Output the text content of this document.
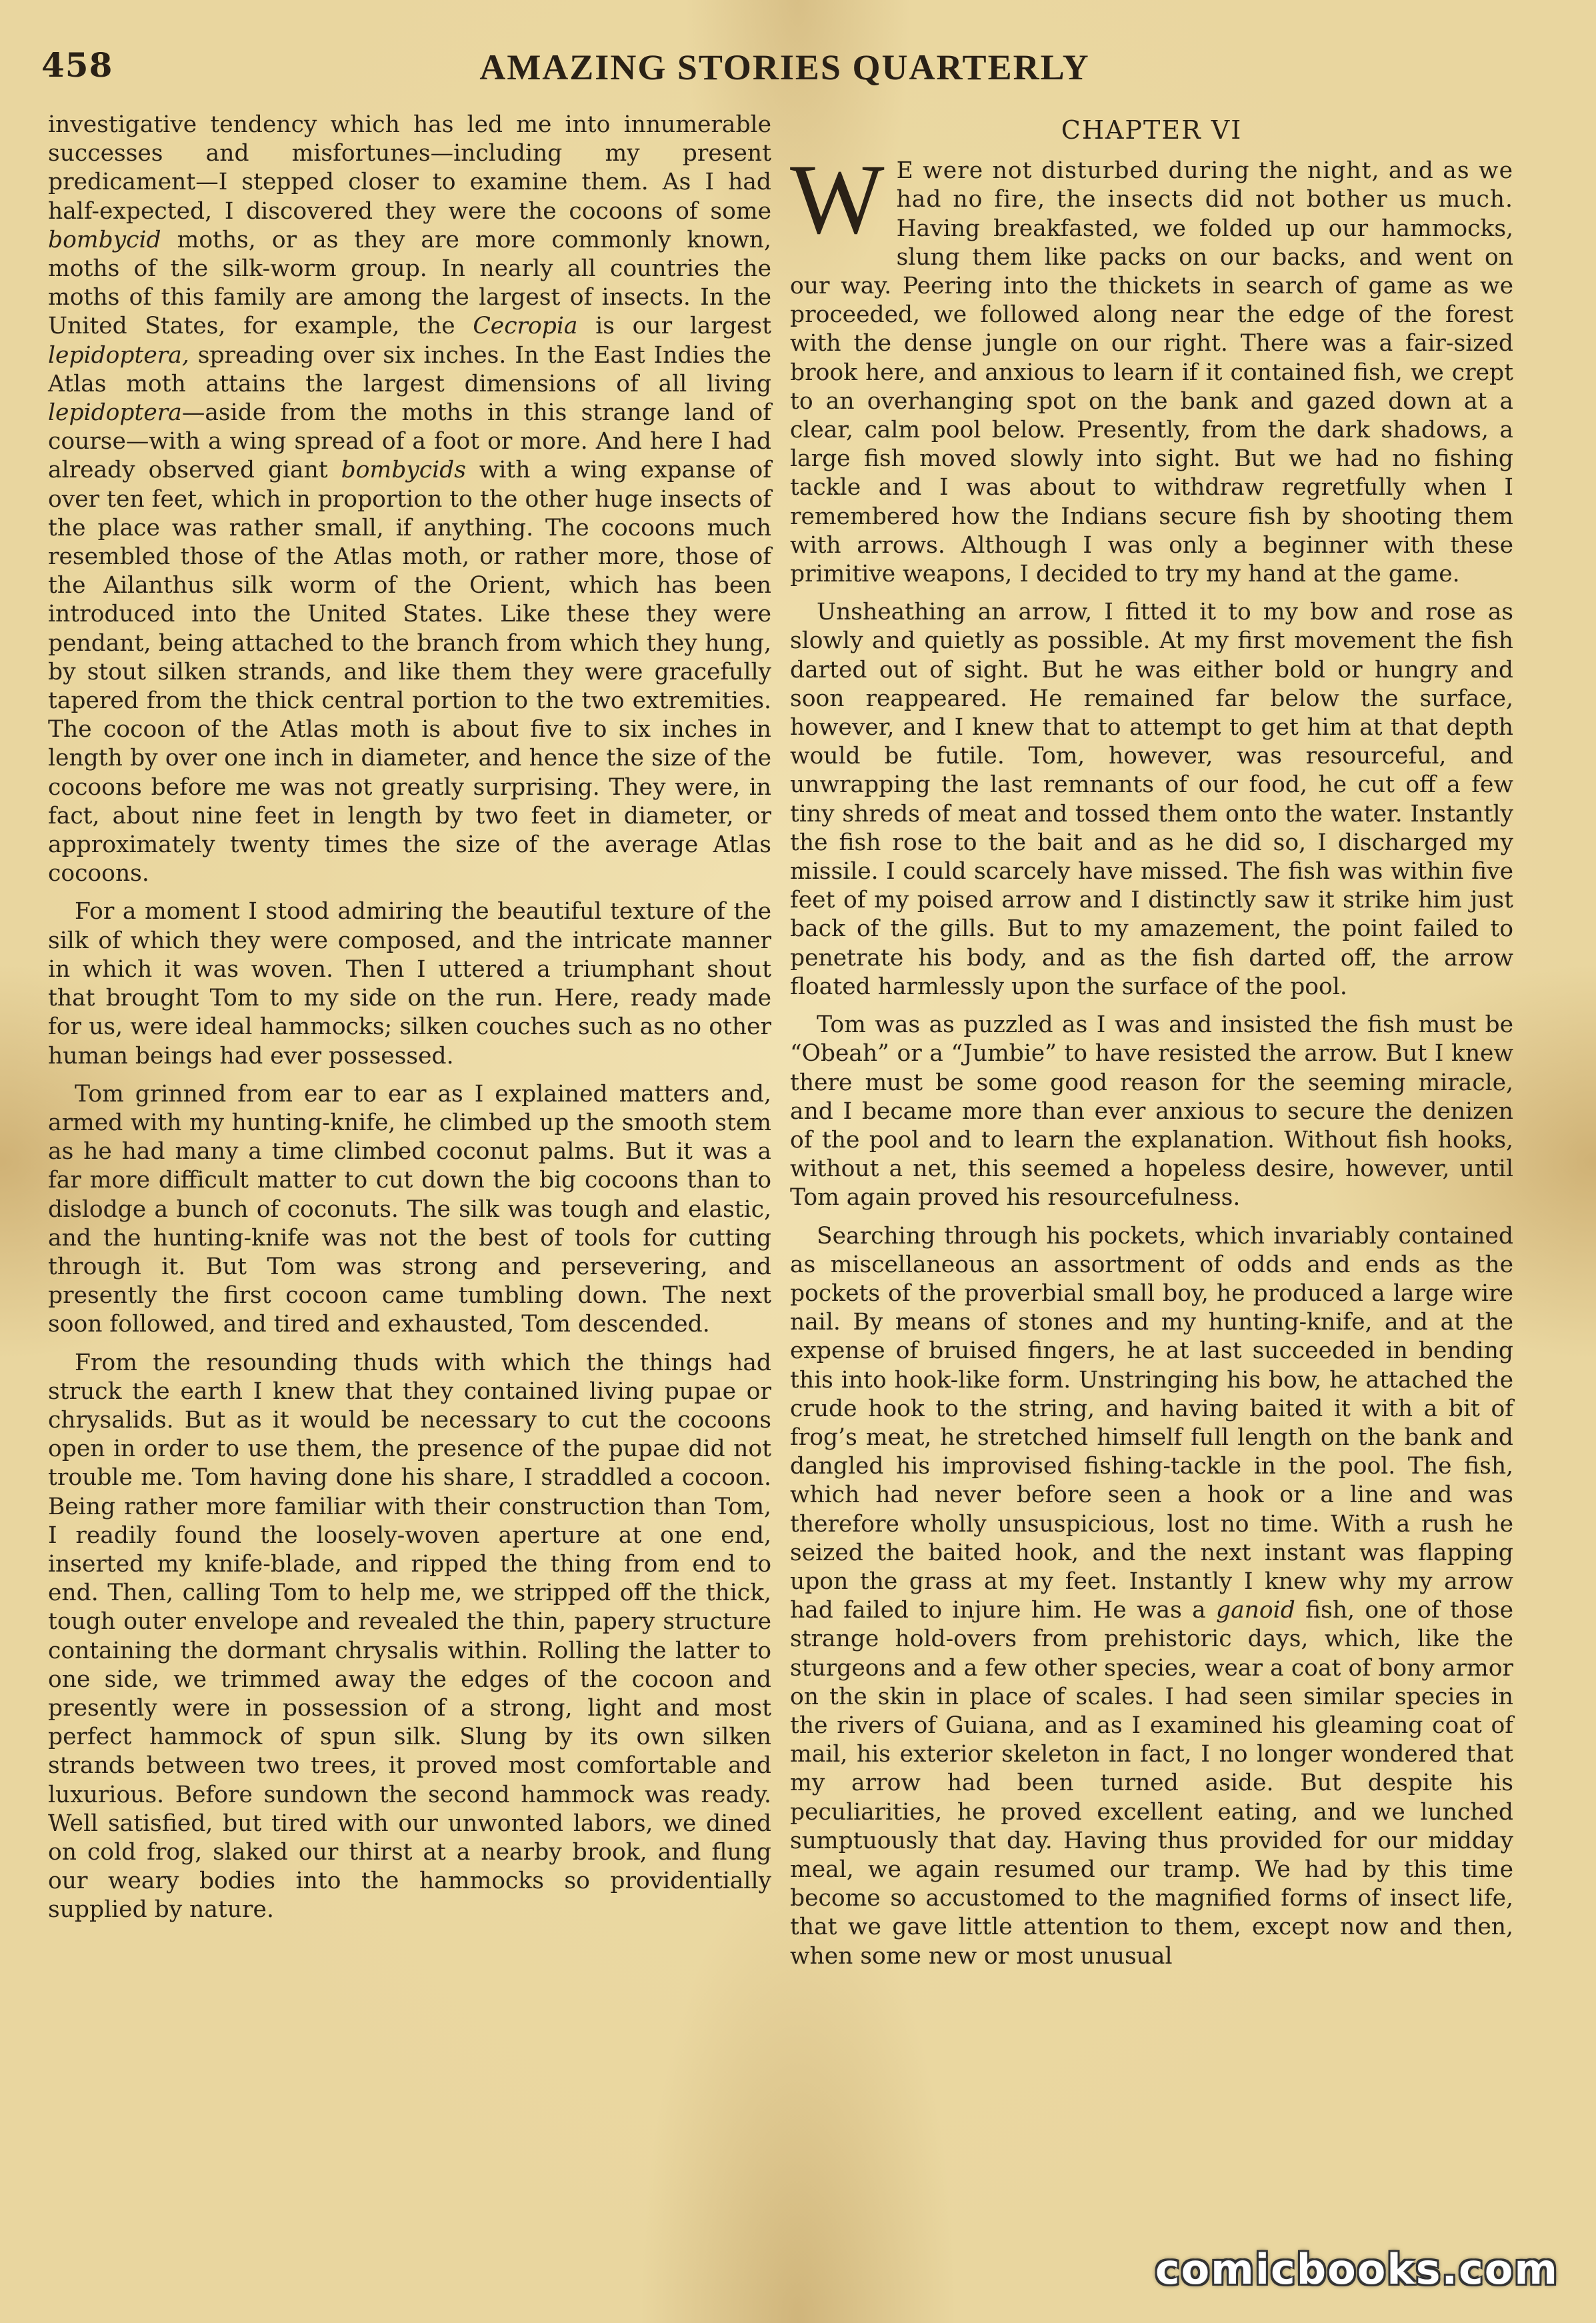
458	AMAZING STORIES QUARTERLY

investigative tendency which has led me into innumerable successes and misfortunes—including my present predicament—I stepped closer to examine them. As I had half-expected, I discovered they were the cocoons of some bombycid moths, or as they are more commonly known, moths of the silk-worm group. In nearly all countries the moths of this family are among the largest of insects. In the United States, for example, the Cecropia is our largest lepidoptera, spreading over six inches. In the East Indies the Atlas moth attains the largest dimensions of all living lepidoptera—aside from the moths in this strange land of course—with a wing spread of a foot or more. And here I had already observed giant bombycids with a wing expanse of over ten feet, which in proportion to the other huge insects of the place was rather small, if anything. The cocoons much resembled those of the Atlas moth, or rather more, those of the Ailanthus silk worm of the Orient, which has been introduced into the United States. Like these they were pendant, being attached to the branch from which they hung, by stout silken strands, and like them they were gracefully tapered from the thick central portion to the two extremities. The cocoon of the Atlas moth is about five to six inches in length by over one inch in diameter, and hence the size of the cocoons before me was not greatly surprising. They were, in fact, about nine feet in length by two feet in diameter, or approximately twenty times the size of the average Atlas cocoons.

For a moment I stood admiring the beautiful texture of the silk of which they were composed, and the intricate manner in which it was woven. Then I uttered a triumphant shout that brought Tom to my side on the run. Here, ready made for us, were ideal hammocks; silken couches such as no other human beings had ever possessed.

Tom grinned from ear to ear as I explained matters and, armed with my hunting-knife, he climbed up the smooth stem as he had many a time climbed coconut palms. But it was a far more difficult matter to cut down the big cocoons than to dislodge a bunch of coconuts. The silk was tough and elastic, and the hunting-knife was not the best of tools for cutting through it. But Tom was strong and persevering, and presently the first cocoon came tumbling down. The next soon followed, and tired and exhausted, Tom descended.

From the resounding thuds with which the things had struck the earth I knew that they contained living pupae or chrysalids. But as it would be necessary to cut the cocoons open in order to use them, the presence of the pupae did not trouble me. Tom having done his share, I straddled a cocoon. Being rather more familiar with their construction than Tom, I readily found the loosely-woven aperture at one end, inserted my knife-blade, and ripped the thing from end to end. Then, calling Tom to help me, we stripped off the thick, tough outer envelope and revealed the thin, papery structure containing the dormant chrysalis within. Rolling the latter to one side, we trimmed away the edges of the cocoon and presently were in possession of a strong, light and most perfect hammock of spun silk. Slung by its own silken strands between two trees, it proved most comfortable and luxurious. Before sundown the second hammock was ready. Well satisfied, but tired with our unwonted labors, we dined on cold frog, slaked our thirst at a nearby brook, and flung our weary bodies into the hammocks so providentially supplied by nature.

CHAPTER VI

W E were not disturbed during the night, and as we had no fire, the insects did not bother us much. Having breakfasted, we folded up our hammocks, slung them like packs on our backs, and went on our way. Peering into the thickets in search of game as we proceeded, we followed along near the edge of the forest with the dense jungle on our right. There was a fair-sized brook here, and anxious to learn if it contained fish, we crept to an overhanging spot on the bank and gazed down at a clear, calm pool below. Presently, from the dark shadows, a large fish moved slowly into sight. But we had no fishing tackle and I was about to withdraw regretfully when I remembered how the Indians secure fish by shooting them with arrows. Although I was only a beginner with these primitive weapons, I decided to try my hand at the game.

Unsheathing an arrow, I fitted it to my bow and rose as slowly and quietly as possible. At my first movement the fish darted out of sight. But he was either bold or hungry and soon reappeared. He remained far below the surface, however, and I knew that to attempt to get him at that depth would be futile. Tom, however, was resourceful, and unwrapping the last remnants of our food, he cut off a few tiny shreds of meat and tossed them onto the water. Instantly the fish rose to the bait and as he did so, I discharged my missile. I could scarcely have missed. The fish was within five feet of my poised arrow and I distinctly saw it strike him just back of the gills. But to my amazement, the point failed to penetrate his body, and as the fish darted off, the arrow floated harmlessly upon the surface of the pool.

Tom was as puzzled as I was and insisted the fish must be “Obeah” or a “Jumbie” to have resisted the arrow. But I knew there must be some good reason for the seeming miracle, and I became more than ever anxious to secure the denizen of the pool and to learn the explanation. Without fish hooks, without a net, this seemed a hopeless desire, however, until Tom again proved his resourcefulness.

Searching through his pockets, which invariably contained as miscellaneous an assortment of odds and ends as the pockets of the proverbial small boy, he produced a large wire nail. By means of stones and my hunting-knife, and at the expense of bruised fingers, he at last succeeded in bending this into hook-like form. Unstringing his bow, he attached the crude hook to the string, and having baited it with a bit of frog’s meat, he stretched himself full length on the bank and dangled his improvised fishing-tackle in the pool. The fish, which had never before seen a hook or a line and was therefore wholly unsuspicious, lost no time. With a rush he seized the baited hook, and the next instant was flapping upon the grass at my feet. Instantly I knew why my arrow had failed to injure him. He was a ganoid fish, one of those strange hold-overs from prehistoric days, which, like the sturgeons and a few other species, wear a coat of bony armor on the skin in place of scales. I had seen similar species in the rivers of Guiana, and as I examined his gleaming coat of mail, his exterior skeleton in fact, I no longer wondered that my arrow had been turned aside. But despite his peculiarities, he proved excellent eating, and we lunched sumptuously that day. Having thus provided for our midday meal, we again resumed our tramp. We had by this time become so accustomed to the magnified forms of insect life, that we gave little attention to them, except now and then, when some new or most unusual

comicbooks.com
